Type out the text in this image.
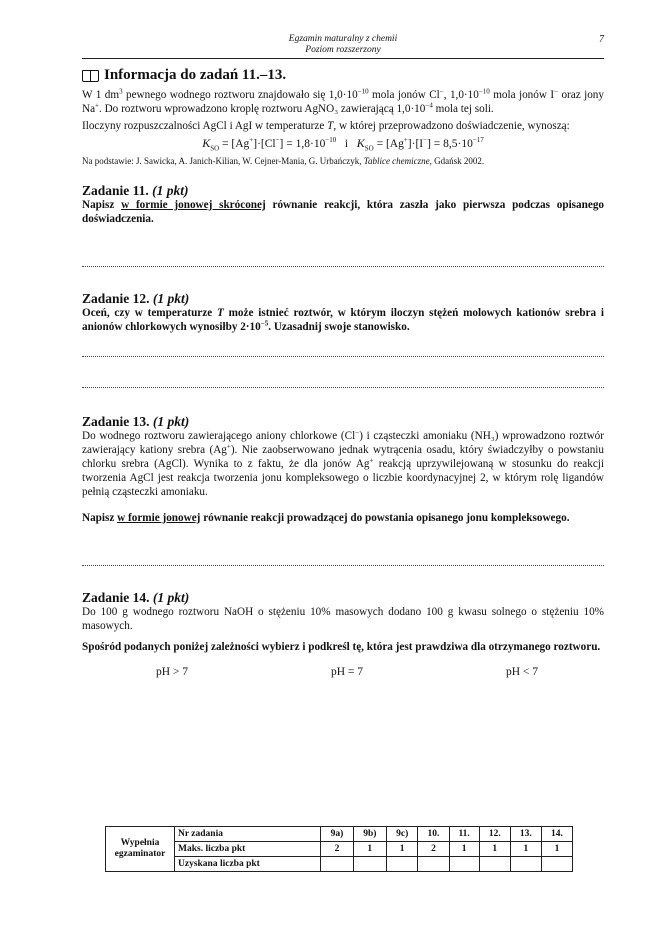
Egzamin maturalny z chemii
Poziom rozszerzony
7
Informacja do zadań 11.–13.

W 1 $dm^3$ pewnego wodnego roztworu znajdowało się $1,0\cdot 10^{-10}$ mola jonów Cl−, $1,0\cdot 10^{-10}$ mola jonów I− oraz jony Na+. Do roztworu wprowadzono kroplę roztworu AgNO₃ zawierającą $1,0\cdot 10^{-4}$ mola tej soli.

Iloczyny rozpuszczalności AgCl i AgI w temperaturze T, w której przeprowadzono doświadczenie, wynoszą:

$K_{SO} = [Ag^+]\cdot[Cl^-] = 1,8\cdot 10^{-10}$   i   $K_{SO} = [Ag^+]\cdot[I^-] = 8,5\cdot 10^{-17}$

Na podstawie: J. Sawicka, A. Janich-Kilian, W. Cejner-Mania, G. Urbańczyk, Tablice chemiczne, Gdańsk 2002.

Zadanie 11. (1 pkt)

Napisz w formie jonowej skróconej równanie reakcji, która zaszła jako pierwsza podczas opisanego doświadczenia.

Zadanie 12. (1 pkt)

Oceń, czy w temperaturze T może istnieć roztwór, w którym iloczyn stężeń molowych kationów srebra i anionów chlorkowych wynosiłby $2\cdot 10^{-5}$. Uzasadnij swoje stanowisko.

Zadanie 13. (1 pkt)

Do wodnego roztworu zawierającego aniony chlorkowe (Cl−) i cząsteczki amoniaku (NH₃) wprowadzono roztwór zawierający kationy srebra (Ag+). Nie zaobserwowano jednak wytrącenia osadu, który świadczyłby o powstaniu chlorku srebra (AgCl). Wynika to z faktu, że dla jonów Ag+ reakcją uprzywilejowaną w stosunku do reakcji tworzenia AgCl jest reakcja tworzenia jonu kompleksowego o liczbie koordynacyjnej 2, w którym rolę ligandów pełnią cząsteczki amoniaku.

Napisz w formie jonowej równanie reakcji prowadzącej do powstania opisanego jonu kompleksowego.

Zadanie 14. (1 pkt)

Do 100 g wodnego roztworu NaOH o stężeniu 10% masowych dodano 100 g kwasu solnego o stężeniu 10% masowych.

Spośród podanych poniżej zależności wybierz i podkreśl tę, która jest prawdziwa dla otrzymanego roztworu.

pH > 7	pH = 7	pH < 7
Wypełnia
egzaminator	Nr zadania	9a)	9b)	9c)	10.	11.	12.	13.	14.
	Maks. liczba pkt	2	1	1	2	1	1	1	1
	Uzyskana liczba pkt								
